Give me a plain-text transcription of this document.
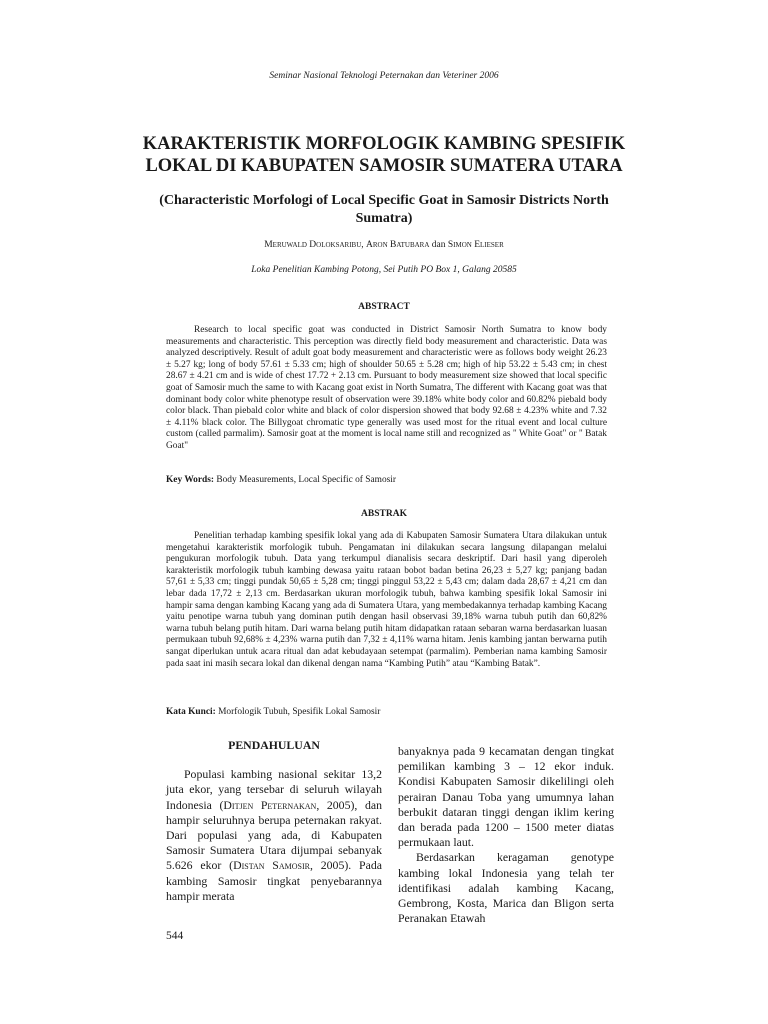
Seminar Nasional Teknologi Peternakan dan Veteriner 2006
KARAKTERISTIK MORFOLOGIK KAMBING SPESIFIK
LOKAL DI KABUPATEN SAMOSIR SUMATERA UTARA
(Characteristic Morfologi of Local Specific Goat in Samosir Districts North Sumatra)
Meruwald Doloksaribu, Aron Batubara dan Simon Elieser
Loka Penelitian Kambing Potong, Sei Putih PO Box 1, Galang 20585
ABSTRACT

Research to local specific goat was conducted in District Samosir North Sumatra to know body measurements and characteristic. This perception was directly field body measurement and characteristic. Data was analyzed descriptively. Result of adult goat body measurement and characteristic were as follows body weight 26.23 ± 5.27 kg; long of body 57.61 ± 5.33 cm; high of shoulder 50.65 ± 5.28 cm; high of hip 53.22 ± 5.43 cm; in chest 28.67 ± 4.21 cm and is wide of chest 17.72 + 2.13 cm. Pursuant to body measurement size showed that local specific goat of Samosir much the same to with Kacang goat exist in North Sumatra, The different with Kacang goat was that dominant body color white phenotype result of observation were 39.18% white body color and 60.82% piebald body color black. Than piebald color white and black of color dispersion showed that body 92.68 ± 4.23% white and 7.32 ± 4.11% black color. The Billygoat chromatic type generally was used most for the ritual event and local culture custom (called parmalim). Samosir goat at the moment is local name still and recognized as " White Goat" or " Batak Goat"

Key Words: Body Measurements, Local Specific of Samosir
ABSTRAK

Penelitian terhadap kambing spesifik lokal yang ada di Kabupaten Samosir Sumatera Utara dilakukan untuk mengetahui karakteristik morfologik tubuh. Pengamatan ini dilakukan secara langsung dilapangan melalui pengukuran morfologik tubuh. Data yang terkumpul dianalisis secara deskriptif. Dari hasil yang diperoleh karakteristik morfologik tubuh kambing dewasa yaitu rataan bobot badan betina 26,23 ± 5,27 kg; panjang badan 57,61 ± 5,33 cm; tinggi pundak 50,65 ± 5,28 cm; tinggi pinggul 53,22 ± 5,43 cm; dalam dada 28,67 ± 4,21 cm dan lebar dada 17,72 ± 2,13 cm. Berdasarkan ukuran morfologik tubuh, bahwa kambing spesifik lokal Samosir ini hampir sama dengan kambing Kacang yang ada di Sumatera Utara, yang membedakannya terhadap kambing Kacang yaitu penotipe warna tubuh yang dominan putih dengan hasil observasi 39,18% warna tubuh putih dan 60,82% warna tubuh belang putih hitam. Dari warna belang putih hitam didapatkan rataan sebaran warna berdasarkan luasan permukaan tubuh 92,68% ± 4,23% warna putih dan 7,32 ± 4,11% warna hitam. Jenis kambing jantan berwarna putih sangat diperlukan untuk acara ritual dan adat kebudayaan setempat (parmalim). Pemberian nama kambing Samosir pada saat ini masih secara lokal dan dikenal dengan nama “Kambing Putih” atau “Kambing Batak”.

Kata Kunci: Morfologik Tubuh, Spesifik Lokal Samosir
PENDAHULUAN

Populasi kambing nasional sekitar 13,2 juta ekor, yang tersebar di seluruh wilayah Indonesia (Ditjen Peternakan, 2005), dan hampir seluruhnya berupa peternakan rakyat. Dari populasi yang ada, di Kabupaten Samosir Sumatera Utara dijumpai sebanyak 5.626 ekor (Distan Samosir, 2005). Pada kambing Samosir tingkat penyebarannya hampir merata

banyaknya pada 9 kecamatan dengan tingkat pemilikan kambing 3 – 12 ekor induk. Kondisi Kabupaten Samosir dikelilingi oleh perairan Danau Toba yang umumnya lahan berbukit dataran tinggi dengan iklim kering dan berada pada 1200 – 1500 meter diatas permukaan laut.

Berdasarkan keragaman genotype kambing lokal Indonesia yang telah ter identifikasi adalah kambing Kacang, Gembrong, Kosta, Marica dan Bligon serta Peranakan Etawah

544
